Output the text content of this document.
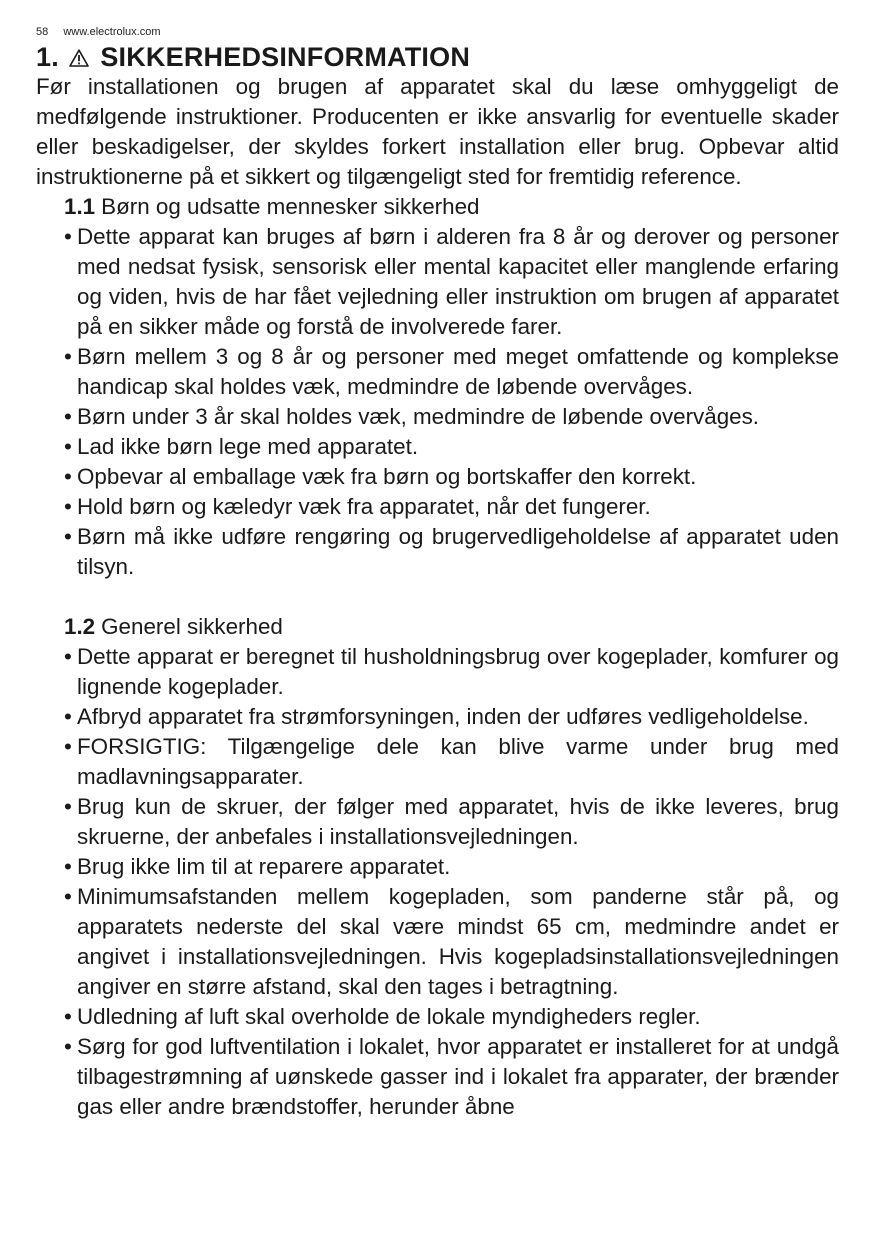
58 www.electrolux.com
1. SIKKERHEDSINFORMATION

Før installationen og brugen af apparatet skal du læse omhyggeligt de medfølgende instruktioner. Producenten er ikke ansvarlig for eventuelle skader eller beskadigelser, der skyldes forkert installation eller brug. Opbevar altid instruktionerne på et sikkert og tilgængeligt sted for fremtidig reference.

1.1 Børn og udsatte mennesker sikkerhed
• Dette apparat kan bruges af børn i alderen fra 8 år og derover og personer med nedsat fysisk, sensorisk eller mental kapacitet eller manglende erfaring og viden, hvis de har fået vejledning eller instruktion om brugen af apparatet på en sikker måde og forstå de involverede farer.
• Børn mellem 3 og 8 år og personer med meget omfattende og komplekse handicap skal holdes væk, medmindre de løbende overvåges.
• Børn under 3 år skal holdes væk, medmindre de løbende overvåges.
• Lad ikke børn lege med apparatet.
• Opbevar al emballage væk fra børn og bortskaffer den korrekt.
• Hold børn og kæledyr væk fra apparatet, når det fungerer.
• Børn må ikke udføre rengøring og brugervedligeholdelse af apparatet uden tilsyn.
1.2 Generel sikkerhed
• Dette apparat er beregnet til husholdningsbrug over kogeplader, komfurer og lignende kogeplader.
• Afbryd apparatet fra strømforsyningen, inden der udføres vedligeholdelse.
• FORSIGTIG: Tilgængelige dele kan blive varme under brug med madlavningsapparater.
• Brug kun de skruer, der følger med apparatet, hvis de ikke leveres, brug skruerne, der anbefales i installationsvejledningen.
• Brug ikke lim til at reparere apparatet.
• Minimumsafstanden mellem kogepladen, som panderne står på, og apparatets nederste del skal være mindst 65 cm, medmindre andet er angivet i installationsvejledningen. Hvis kogepladsinstallationsvejledningen angiver en større afstand, skal den tages i betragtning.
• Udledning af luft skal overholde de lokale myndigheders regler.
• Sørg for god luftventilation i lokalet, hvor apparatet er installeret for at undgå tilbagestrømning af uønskede gasser ind i lokalet fra apparater, der brænder gas eller andre brændstoffer, herunder åbne
